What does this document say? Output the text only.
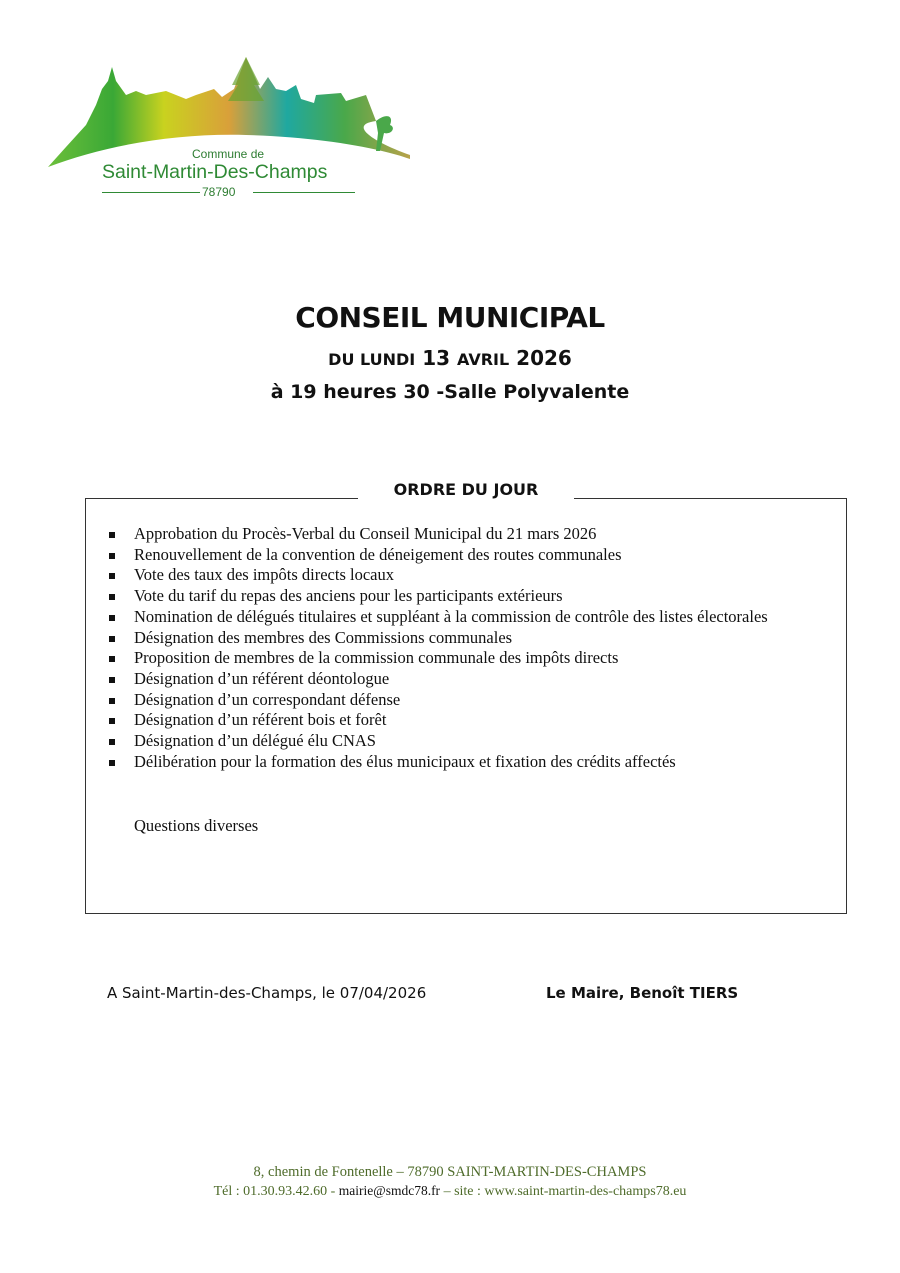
Commune de
Saint-Martin-Des-Champs
78790
CONSEIL MUNICIPAL
DU LUNDI 13 AVRIL 2026
à 19 heures 30 -Salle Polyvalente
ORDRE DU JOUR
Approbation du Procès-Verbal du Conseil Municipal du 21 mars 2026
Renouvellement de la convention de déneigement des routes communales
Vote des taux des impôts directs locaux
Vote du tarif du repas des anciens pour les participants extérieurs
Nomination de délégués titulaires et suppléant à la commission de contrôle des listes électorales
Désignation des membres des Commissions communales
Proposition de membres de la commission communale des impôts directs
Désignation d’un référent déontologue
Désignation d’un correspondant défense
Désignation d’un référent bois et forêt
Désignation d’un délégué élu CNAS
Délibération pour la formation des élus municipaux et fixation des crédits affectés
Questions diverses
A Saint-Martin-des-Champs, le 07/04/2026	Le Maire, Benoît TIERS
8, chemin de Fontenelle – 78790 SAINT-MARTIN-DES-CHAMPS
Tél : 01.30.93.42.60 - mairie@smdc78.fr – site : www.saint-martin-des-champs78.eu
